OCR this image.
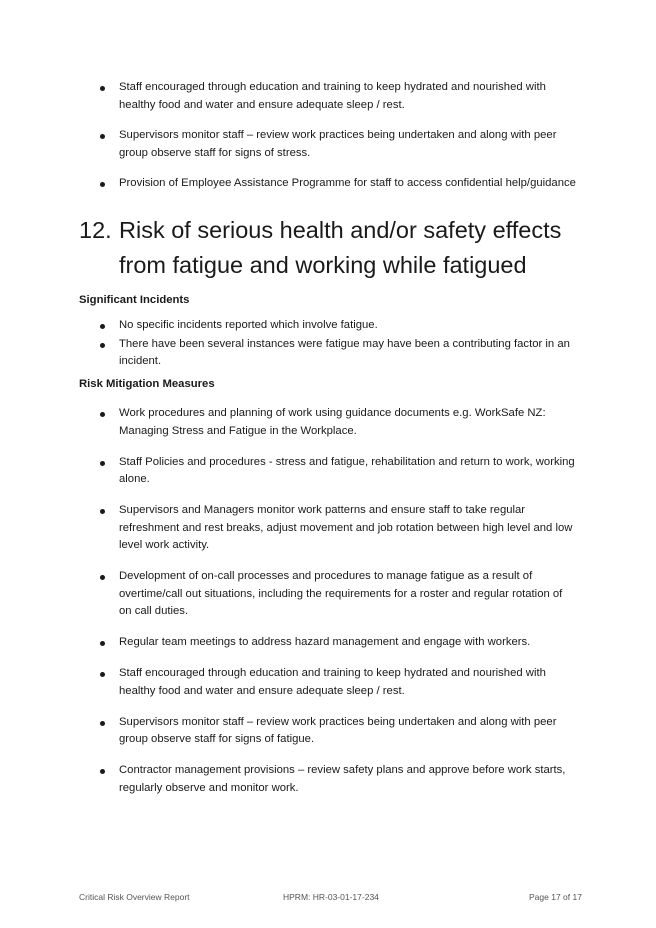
Staff encouraged through education and training to keep hydrated and nourished with healthy food and water and ensure adequate sleep / rest.
Supervisors monitor staff – review work practices being undertaken and along with peer group observe staff for signs of stress.
Provision of Employee Assistance Programme for staff to access confidential help/guidance
12. Risk of serious health and/or safety effects from fatigue and working while fatigued

Significant Incidents

No specific incidents reported which involve fatigue.
There have been several instances were fatigue may have been a contributing factor in an incident.

Risk Mitigation Measures

Work procedures and planning of work using guidance documents e.g. WorkSafe NZ: Managing Stress and Fatigue in the Workplace.
Staff Policies and procedures - stress and fatigue, rehabilitation and return to work, working alone.
Supervisors and Managers monitor work patterns and ensure staff to take regular refreshment and rest breaks, adjust movement and job rotation between high level and low level work activity.
Development of on-call processes and procedures to manage fatigue as a result of overtime/call out situations, including the requirements for a roster and regular rotation of on call duties.
Regular team meetings to address hazard management and engage with workers.
Staff encouraged through education and training to keep hydrated and nourished with healthy food and water and ensure adequate sleep / rest.
Supervisors monitor staff – review work practices being undertaken and along with peer group observe staff for signs of fatigue.
Contractor management provisions – review safety plans and approve before work starts, regularly observe and monitor work.
Critical Risk Overview Report	HPRM: HR-03-01-17-234	Page 17 of 17
